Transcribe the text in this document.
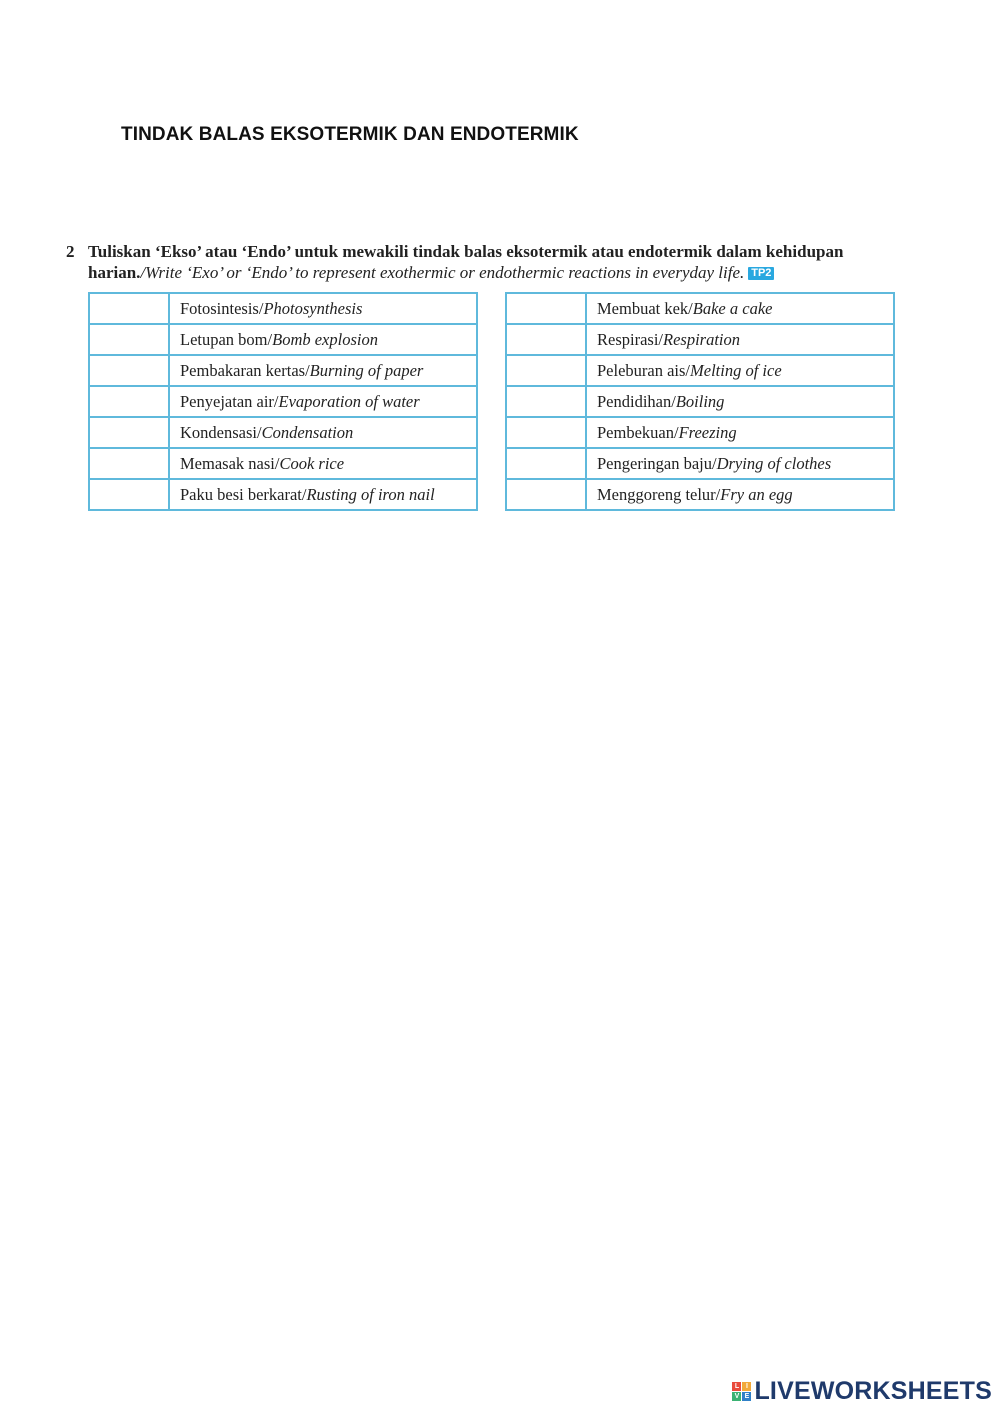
TINDAK BALAS EKSOTERMIK DAN ENDOTERMIK
2 Tuliskan ‘Ekso’ atau ‘Endo’ untuk mewakili tindak balas eksotermik atau endotermik dalam kehidupan
harian./Write ‘Exo’ or ‘Endo’ to represent exothermic or endothermic reactions in everyday life. TP2
	Fotosintesis/Photosynthesis
	Letupan bom/Bomb explosion
	Pembakaran kertas/Burning of paper
	Penyejatan air/Evaporation of water
	Kondensasi/Condensation
	Memasak nasi/Cook rice
	Paku besi berkarat/Rusting of iron nail
	Membuat kek/Bake a cake
	Respirasi/Respiration
	Peleburan ais/Melting of ice
	Pendidihan/Boiling
	Pembekuan/Freezing
	Pengeringan baju/Drying of clothes
	Menggoreng telur/Fry an egg
L I
V E LIVEWORKSHEETS
